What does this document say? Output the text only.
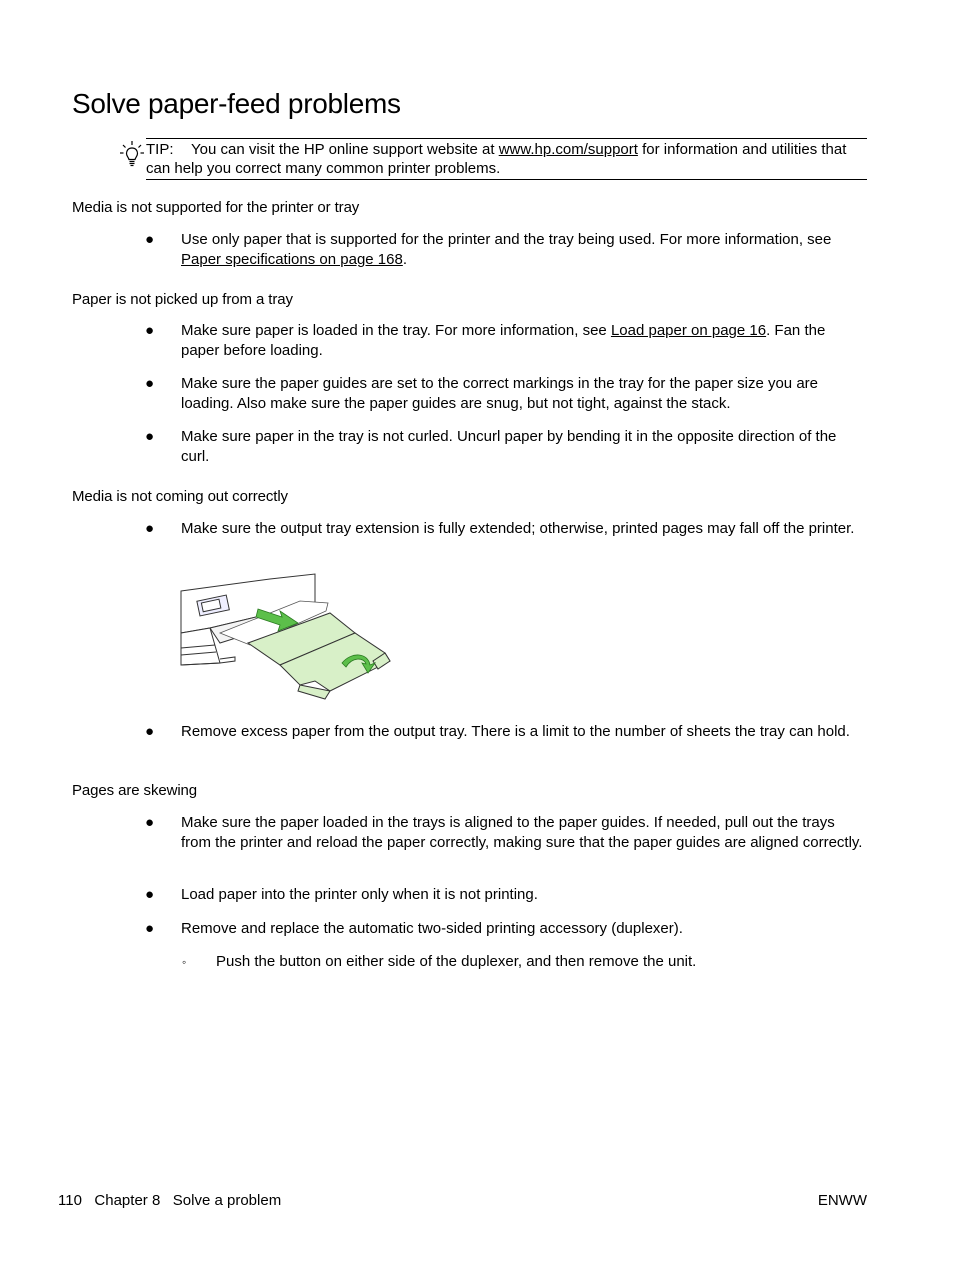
Solve paper-feed problems
TIP: You can visit the HP online support website at www.hp.com/support for information and utilities that can help you correct many common printer problems.
Media is not supported for the printer or tray
● Use only paper that is supported for the printer and the tray being used. For more information, see Paper specifications on page 168.
Paper is not picked up from a tray
● Make sure paper is loaded in the tray. For more information, see Load paper on page 16. Fan the paper before loading.
● Make sure the paper guides are set to the correct markings in the tray for the paper size you are loading. Also make sure the paper guides are snug, but not tight, against the stack.
● Make sure paper in the tray is not curled. Uncurl paper by bending it in the opposite direction of the curl.
Media is not coming out correctly
● Make sure the output tray extension is fully extended; otherwise, printed pages may fall off the printer.
● Remove excess paper from the output tray. There is a limit to the number of sheets the tray can hold.
Pages are skewing
● Make sure the paper loaded in the trays is aligned to the paper guides. If needed, pull out the trays from the printer and reload the paper correctly, making sure that the paper guides are aligned correctly.
● Load paper into the printer only when it is not printing.
● Remove and replace the automatic two-sided printing accessory (duplexer).
◦ Push the button on either side of the duplexer, and then remove the unit.
110   Chapter 8   Solve a problem	ENWW
